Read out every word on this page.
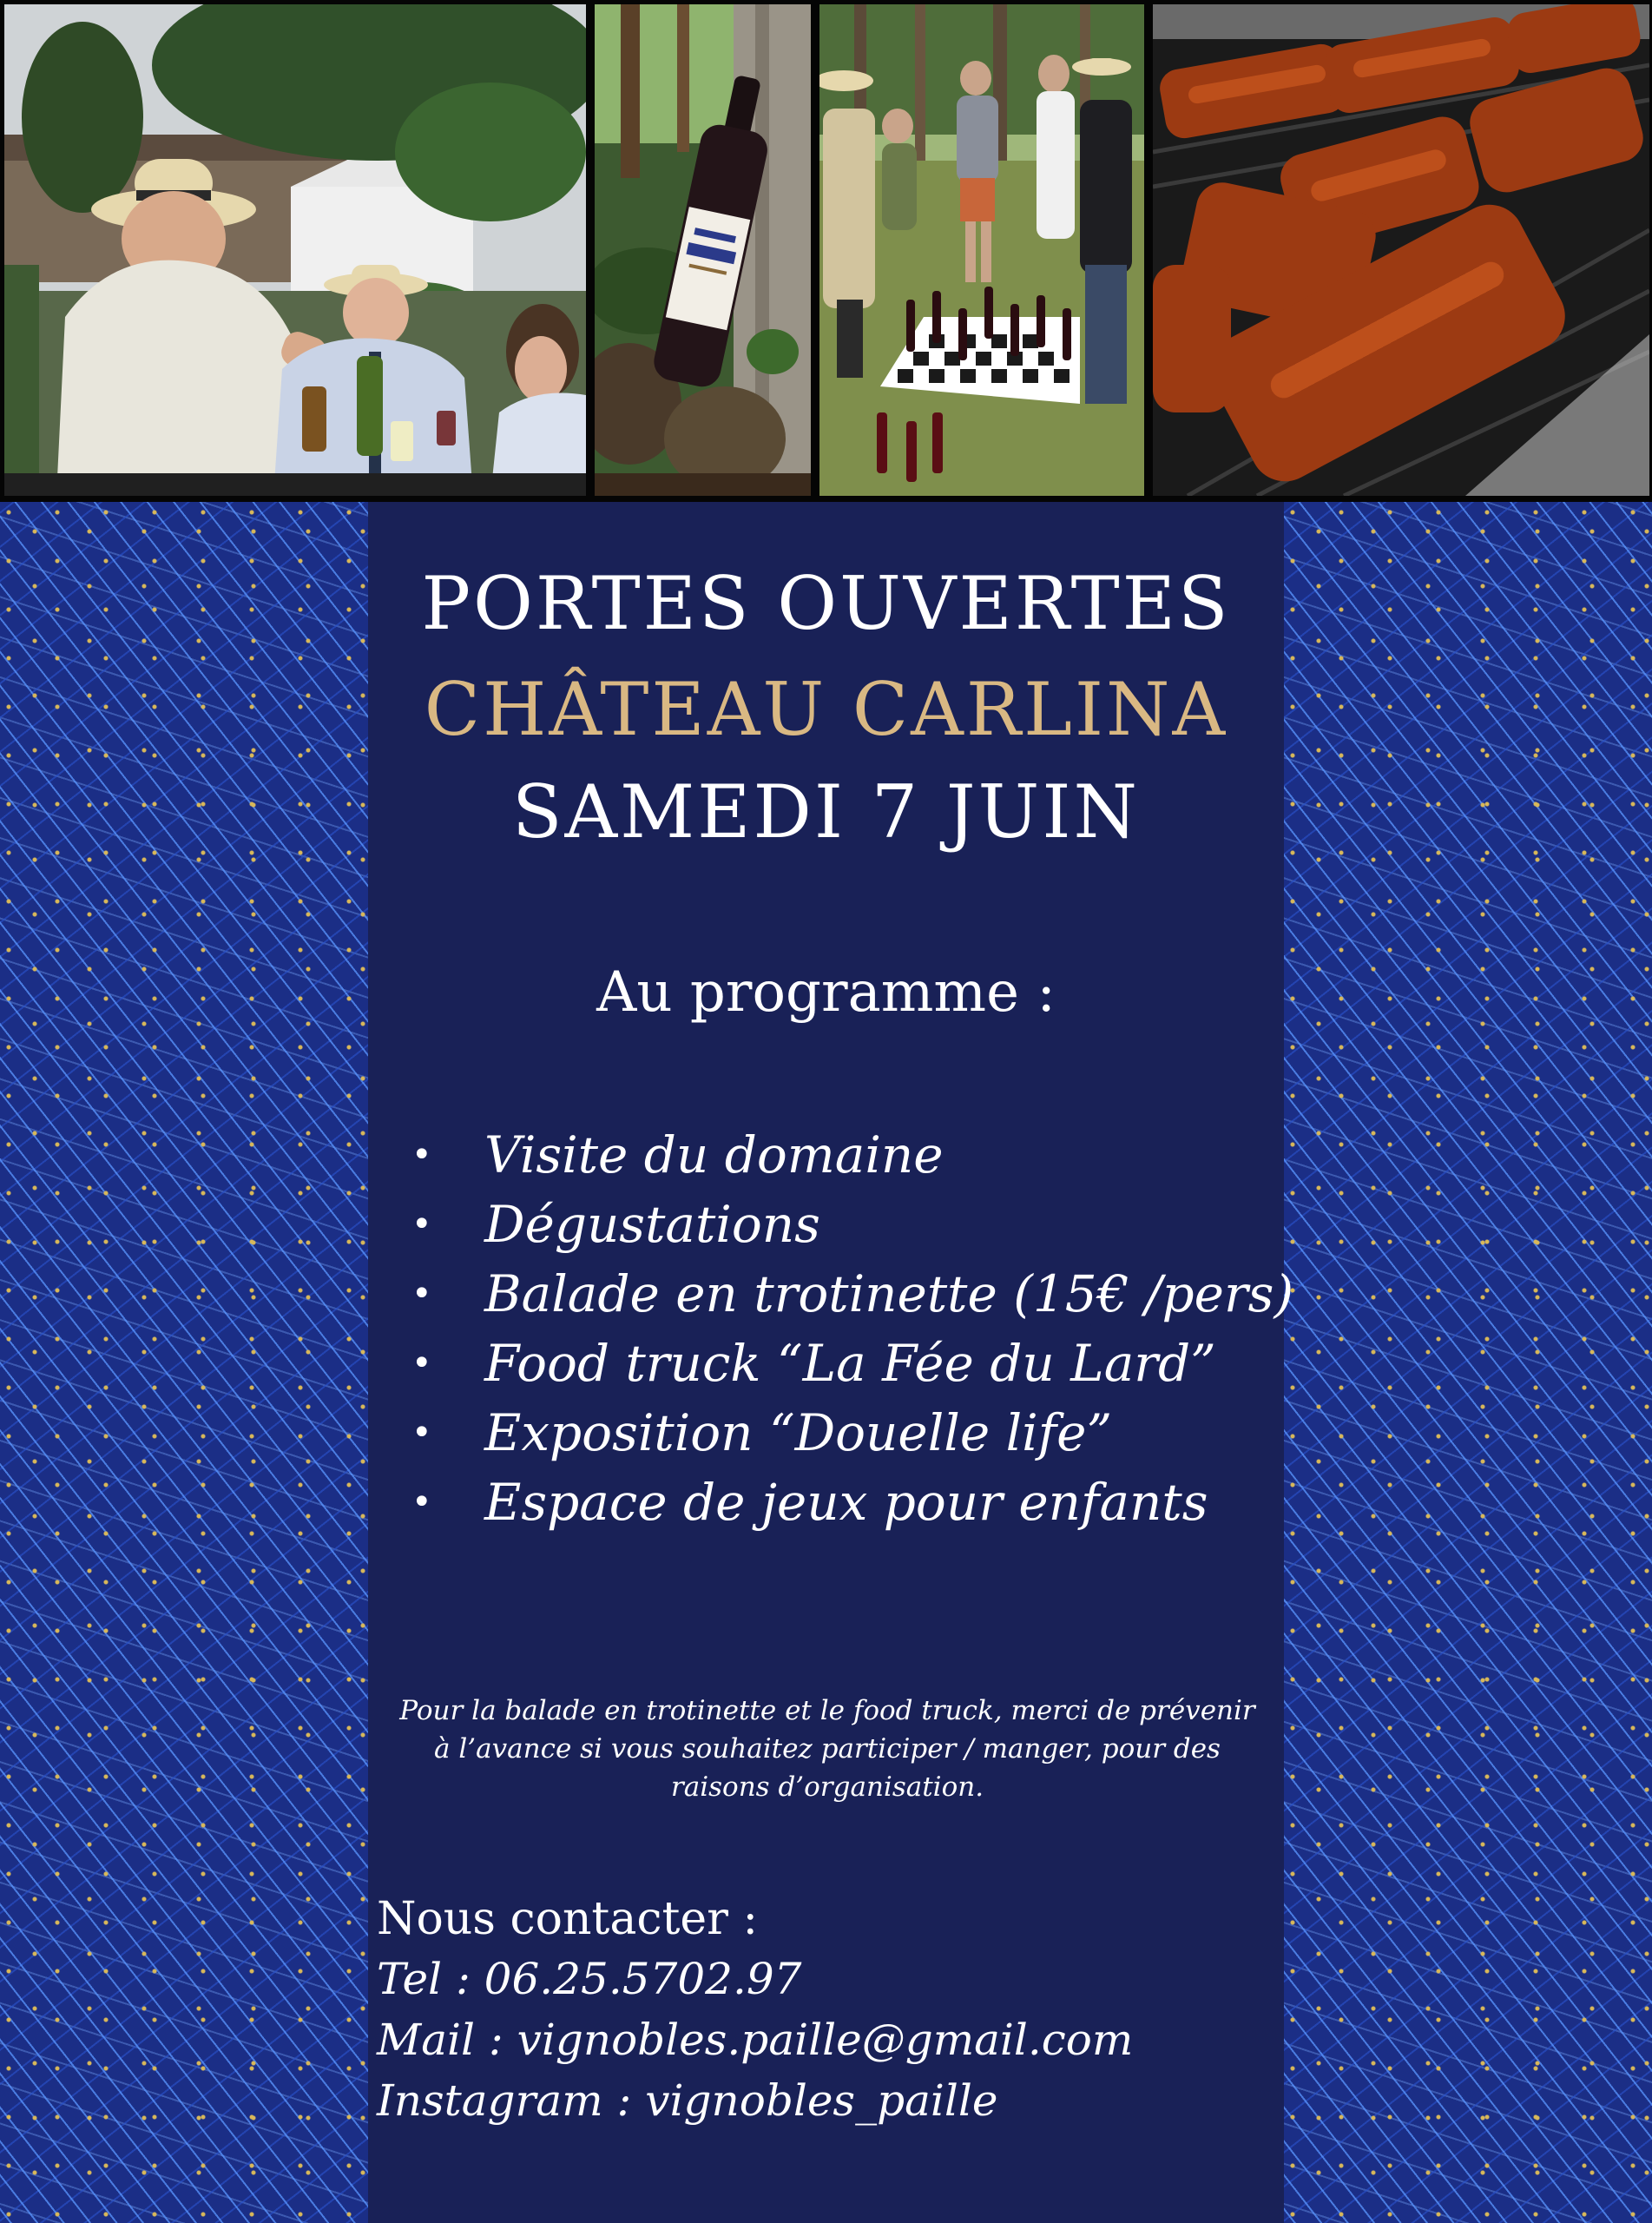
PORTES OUVERTES
CHÂTEAU CARLINA
SAMEDI 7 JUIN
Au programme :
• Visite du domaine
• Dégustations
• Balade en trotinette (15€ /pers)
• Food truck “La Fée du Lard”
• Exposition “Douelle life”
• Espace de jeux pour enfants
Pour la balade en trotinette et le food truck, merci de prévenir
à l’avance si vous souhaitez participer / manger, pour des
raisons d’organisation.
Nous contacter :
Tel : 06.25.5702.97
Mail : vignobles.paille@gmail.com
Instagram : vignobles_paille
